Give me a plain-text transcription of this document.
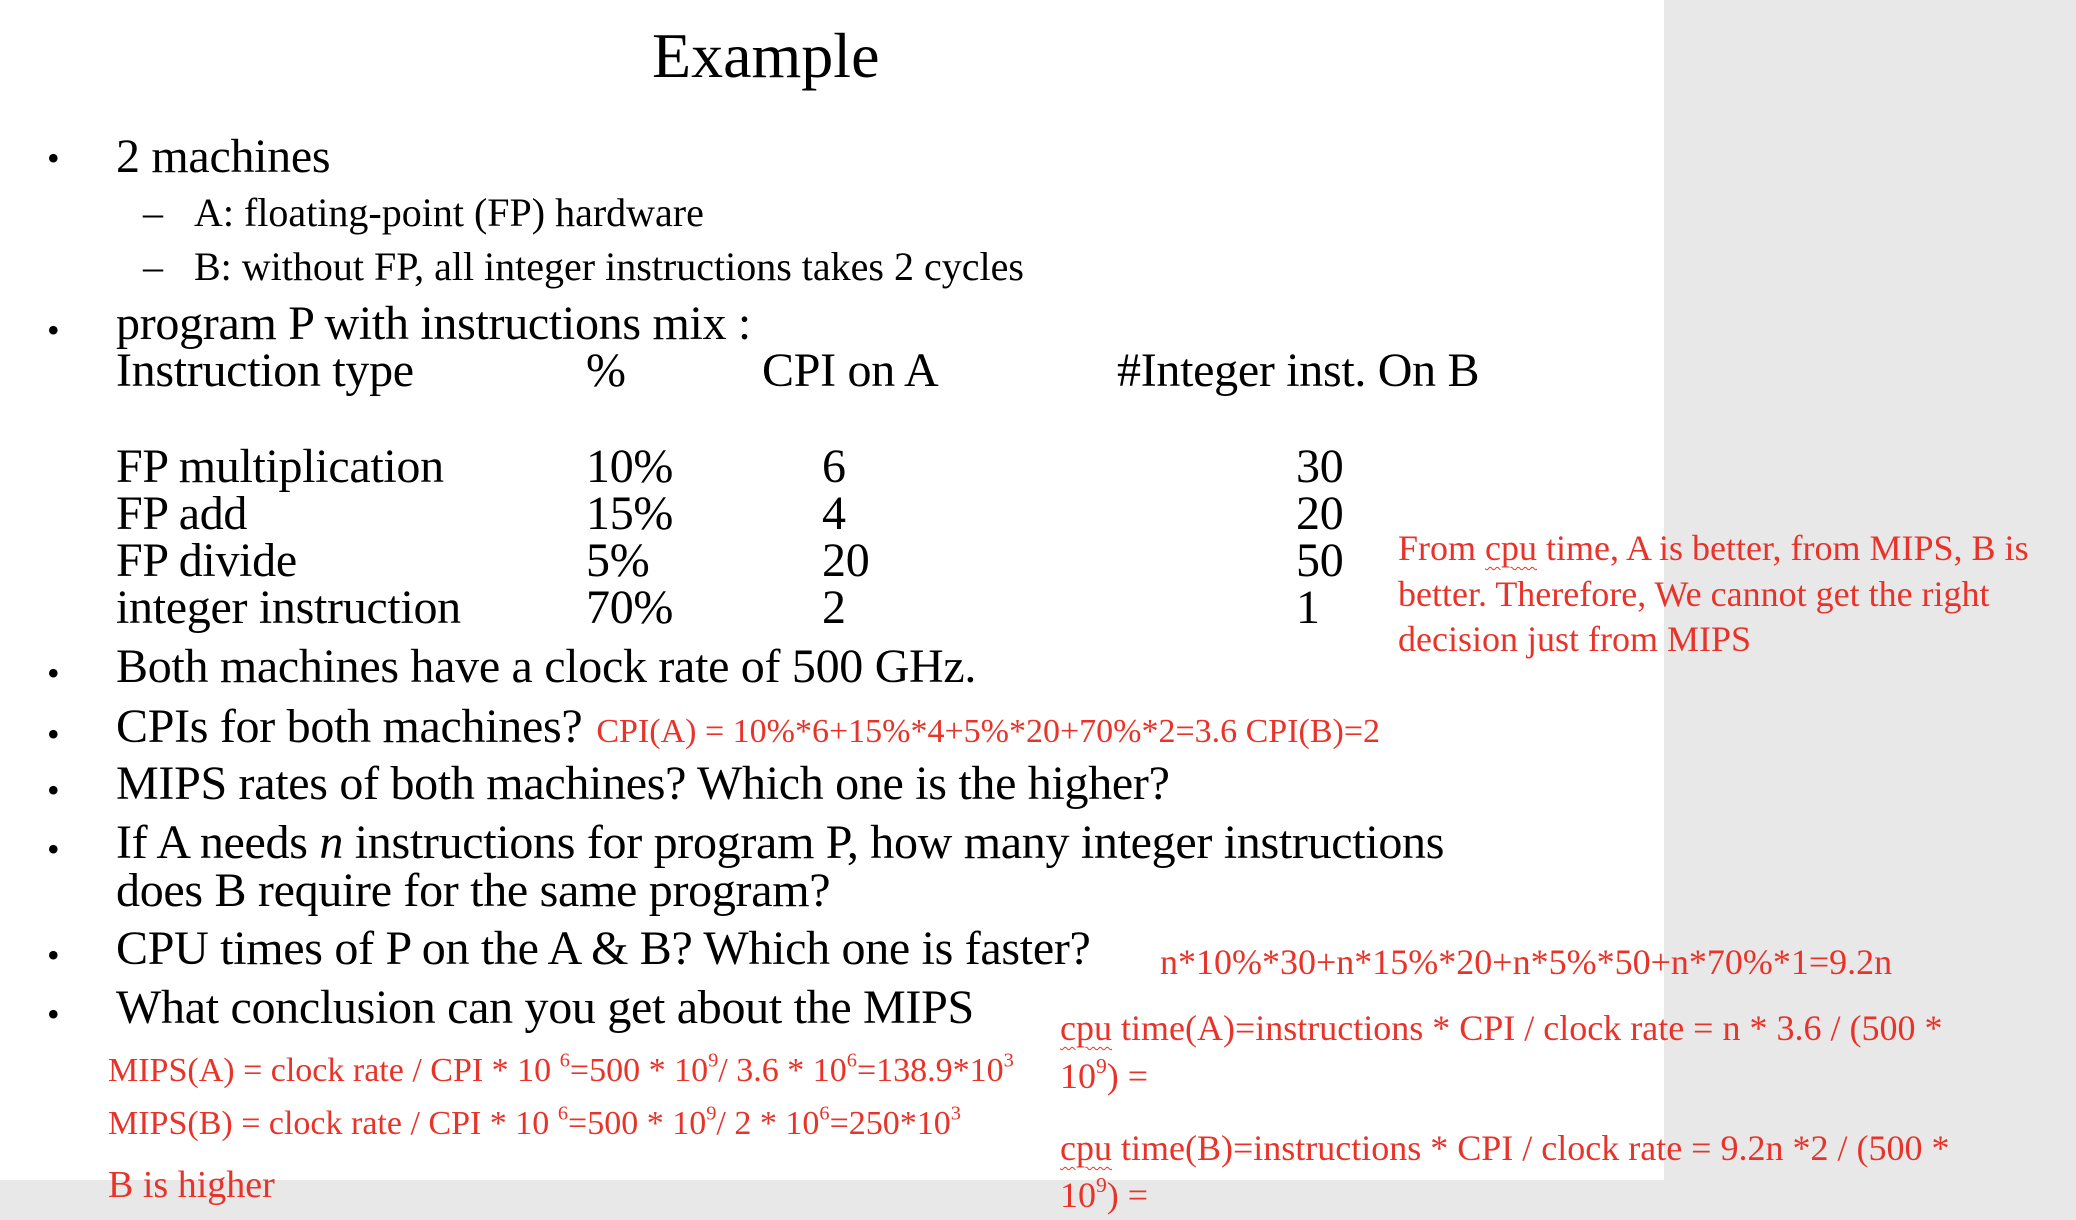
Example
• 2 machines
– A: floating-point (FP) hardware
– B: without FP, all integer instructions takes 2 cycles
• program P with instructions mix :
Instruction type	%	CPI on A	#Integer inst. On B
FP multiplication	10%	6	30
FP add	15%	4	20
FP divide	5%	20	50
integer instruction	70%	2	1
• Both machines have a clock rate of 500 GHz.
• CPIs for both machines? CPI(A) = 10%*6+15%*4+5%*20+70%*2=3.6 CPI(B)=2
• MIPS rates of both machines? Which one is the higher?
• If A needs n instructions for program P, how many integer instructions
does B require for the same program?
• CPU times of P on the A & B? Which one is faster?
• What conclusion can you get about the MIPS
MIPS(A) = clock rate / CPI * 10 $^6=500 * 10^9/$ $3.6 * 10^6=138.9*10^3$
MIPS(B) = clock rate / CPI * 10 $^6=500 * 10^9/$ $2 * 10^6=250*10^3$
B is higher
From cpu time, A is better, from MIPS, B is better. Therefore, We cannot get the right decision just from MIPS
n*10%*30+n*15%*20+n*5%*50+n*70%*1=9.2n
cpu time(A)=instructions * CPI / clock rate = n * 3.6 / (500 *
$10^9$) =
cpu time(B)=instructions * CPI / clock rate = 9.2n *2 / (500 *
$10^9$) =
